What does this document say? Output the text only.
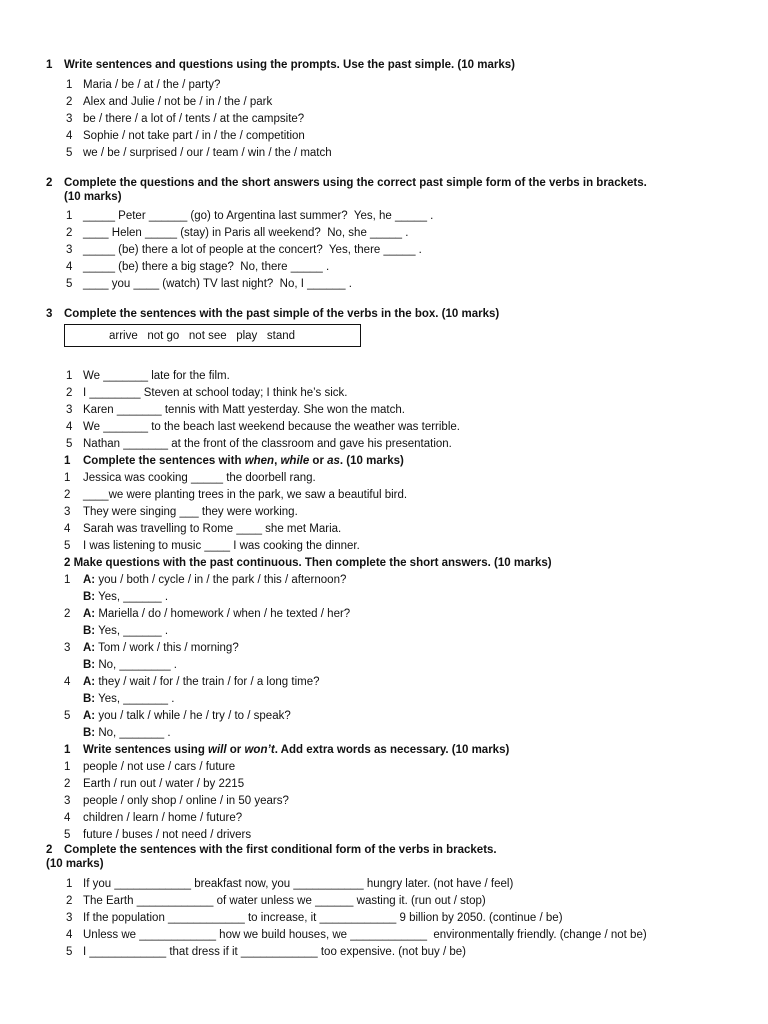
1 Write sentences and questions using the prompts. Use the past simple. (10 marks)
1 Maria / be / at / the / party?
2 Alex and Julie / not be / in / the / park
3 be / there / a lot of / tents / at the campsite?
4 Sophie / not take part / in / the / competition
5 we / be / surprised / our / team / win / the / match
2 Complete the questions and the short answers using the correct past simple form of the verbs in brackets.
(10 marks)
1 _____ Peter ______ (go) to Argentina last summer?  Yes, he _____ .
2 ____ Helen _____ (stay) in Paris all weekend?  No, she _____ .
3 _____ (be) there a lot of people at the concert?  Yes, there _____ .
4 _____ (be) there a big stage?  No, there _____ .
5 ____ you ____ (watch) TV last night?  No, I ______ .
3 Complete the sentences with the past simple of the verbs in the box. (10 marks)
arrive   not go   not see   play   stand
1 We _______ late for the film.
2 I ________ Steven at school today; I think he’s sick.
3 Karen _______ tennis with Matt yesterday. She won the match.
4 We _______ to the beach last weekend because the weather was terrible.
5 Nathan _______ at the front of the classroom and gave his presentation.
1 Complete the sentences with when, while or as. (10 marks)
1 Jessica was cooking _____ the doorbell rang.
2 ____we were planting trees in the park, we saw a beautiful bird.
3 They were singing ___ they were working.
4 Sarah was travelling to Rome ____ she met Maria.
5 I was listening to music ____ I was cooking the dinner.
2 Make questions with the past continuous. Then complete the short answers. (10 marks)
1 A: you / both / cycle / in / the park / this / afternoon?
B: Yes, ______ .
2 A: Mariella / do / homework / when / he texted / her?
B: Yes, ______ .
3 A: Tom / work / this / morning?
B: No, ________ .
4 A: they / wait / for / the train / for / a long time?
B: Yes, _______ .
5 A: you / talk / while / he / try / to / speak?
B: No, _______ .
1 Write sentences using will or won’t. Add extra words as necessary. (10 marks)
1 people / not use / cars / future
2 Earth / run out / water / by 2215
3 people / only shop / online / in 50 years?
4 children / learn / home / future?
5 future / buses / not need / drivers
2 Complete the sentences with the first conditional form of the verbs in brackets.
(10 marks)
1 If you ____________ breakfast now, you ___________ hungry later. (not have / feel)
2 The Earth ____________ of water unless we ______ wasting it. (run out / stop)
3 If the population ____________ to increase, it ____________ 9 billion by 2050. (continue / be)
4 Unless we ____________ how we build houses, we ____________  environmentally friendly. (change / not be)
5 I ____________ that dress if it ____________ too expensive. (not buy / be)
